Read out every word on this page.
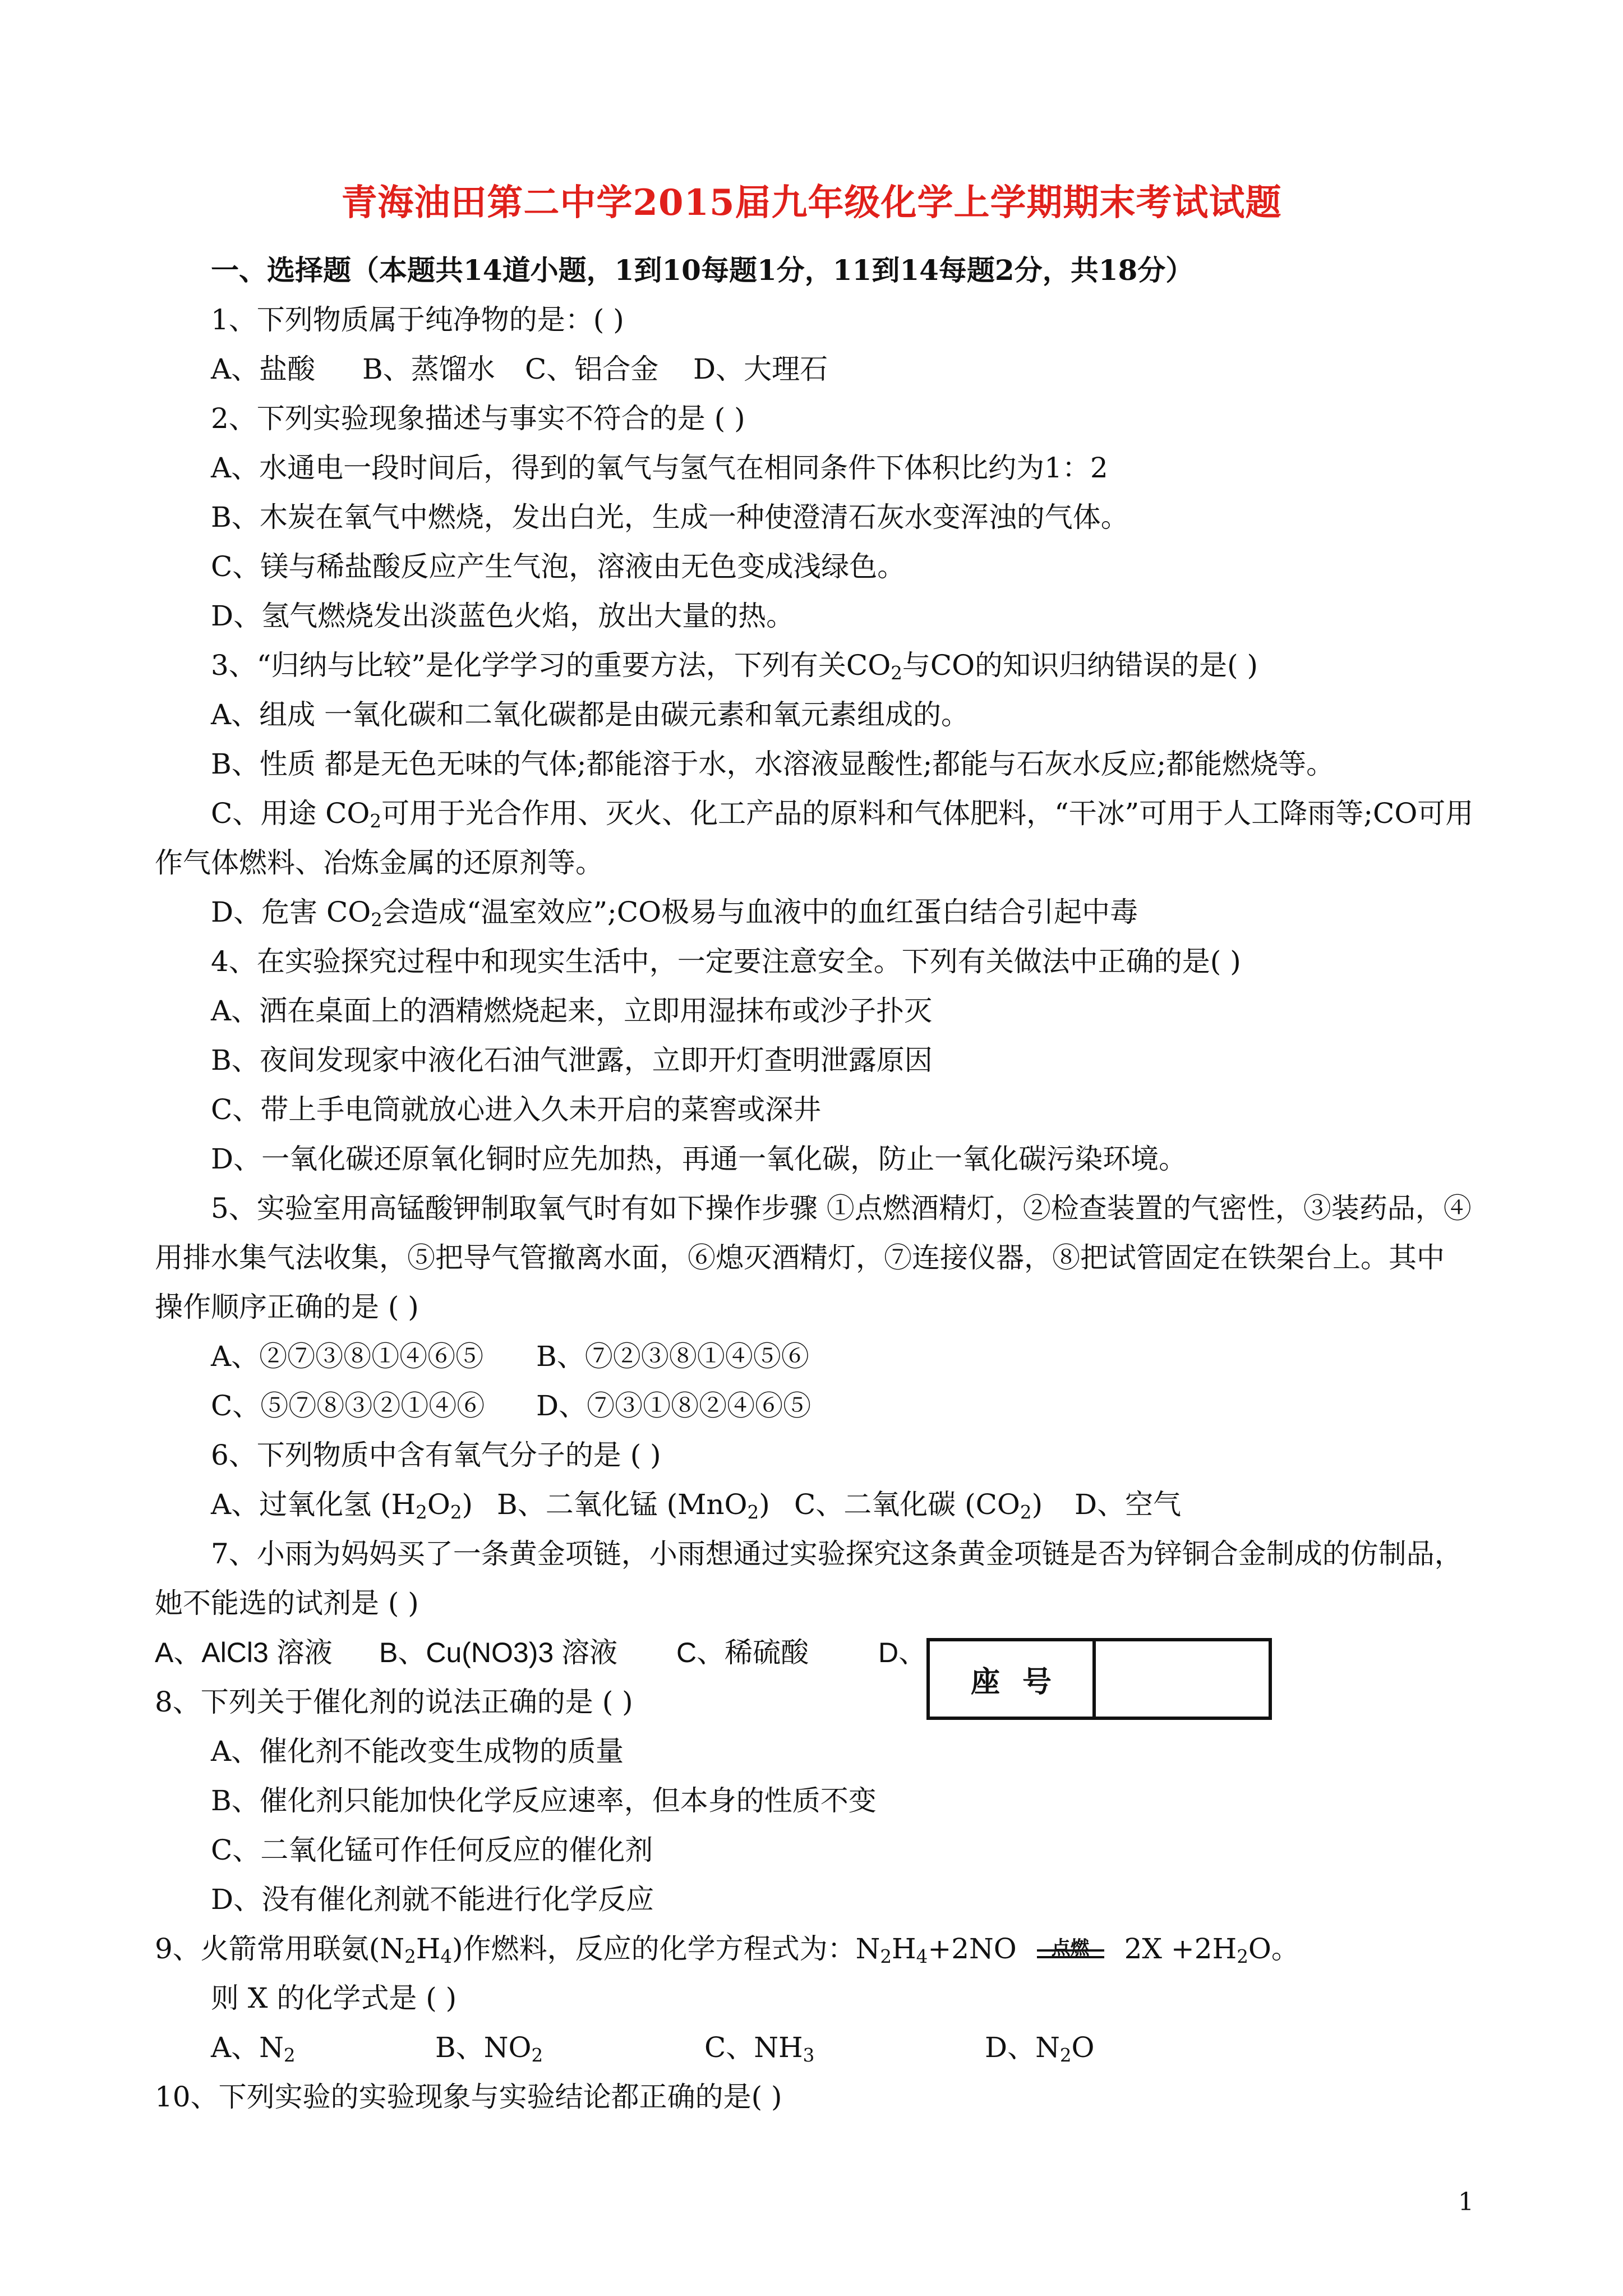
青海油田第二中学2015届九年级化学上学期期末考试试题
一、选择题（本题共14道小题，1到10每题1分，11到14每题2分，共18分）
1、下列物质属于纯净物的是：( )
A、盐酸 B、蒸馏水 C、铝合金 D、大理石
2、下列实验现象描述与事实不符合的是 ( )
A、水通电一段时间后，得到的氧气与氢气在相同条件下体积比约为1：2
B、木炭在氧气中燃烧，发出白光，生成一种使澄清石灰水变浑浊的气体。
C、镁与稀盐酸反应产生气泡，溶液由无色变成浅绿色。
D、氢气燃烧发出淡蓝色火焰，放出大量的热。
3、“归纳与比较”是化学学习的重要方法，下列有关$CO_2$与CO的知识归纳错误的是( )
A、组成 一氧化碳和二氧化碳都是由碳元素和氧元素组成的。
B、性质 都是无色无味的气体;都能溶于水，水溶液显酸性;都能与石灰水反应;都能燃烧等。
C、用途 $CO_2$可用于光合作用、灭火、化工产品的原料和气体肥料，“干冰”可用于人工降雨等;CO可用
作气体燃料、冶炼金属的还原剂等。
D、危害 $CO_2$会造成“温室效应”;CO极易与血液中的血红蛋白结合引起中毒
4、在实验探究过程中和现实生活中，一定要注意安全。下列有关做法中正确的是( )
A、洒在桌面上的酒精燃烧起来，立即用湿抹布或沙子扑灭
B、夜间发现家中液化石油气泄露，立即开灯查明泄露原因
C、带上手电筒就放心进入久未开启的菜窖或深井
D、一氧化碳还原氧化铜时应先加热，再通一氧化碳，防止一氧化碳污染环境。
5、实验室用高锰酸钾制取氧气时有如下操作步骤 ①点燃酒精灯，②检查装置的气密性，③装药品，④
用排水集气法收集，⑤把导气管撤离水面，⑥熄灭酒精灯，⑦连接仪器，⑧把试管固定在铁架台上。其中
操作顺序正确的是 ( )
A、②⑦③⑧①④⑥⑤ B、⑦②③⑧①④⑤⑥
C、⑤⑦⑧③②①④⑥ D、⑦③①⑧②④⑥⑤
6、下列物质中含有氧气分子的是 ( )
A、过氧化氢 (H2O2) B、二氧化锰 (MnO2) C、二氧化碳 (CO2) D、空气
7、小雨为妈妈买了一条黄金项链，小雨想通过实验探究这条黄金项链是否为锌铜合金制成的仿制品，
她不能选的试剂是 ( )
A、AlCl3 溶液 B、Cu(NO3)3 溶液 C、稀硫酸 D、
座号
8、下列关于催化剂的说法正确的是 ( )
A、催化剂不能改变生成物的质量
B、催化剂只能加快化学反应速率，但本身的性质不变
C、二氧化锰可作任何反应的催化剂
D、没有催化剂就不能进行化学反应
9、火箭常用联氨$(N_2H_4)$作燃料，反应的化学方程式为：$N_2H_4+2NO$	点燃	$2X +2H_2O$。
则 X 的化学式是 ( )
A、N2	B、NO2	C、NH3	D、N2O
10、下列实验的实验现象与实验结论都正确的是( )
1
